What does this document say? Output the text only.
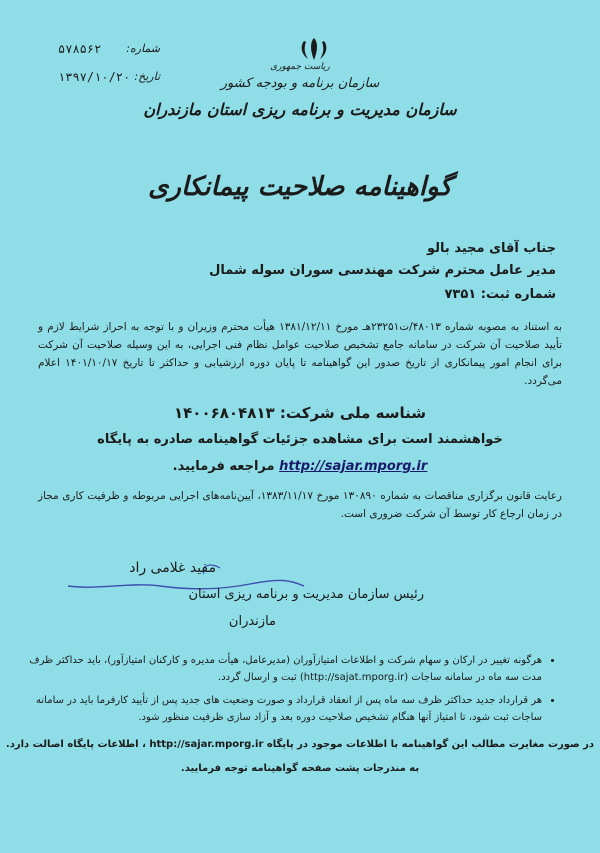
شماره:
۵۷۸۵۶۲
تاریخ:
۱۳۹۷/۱۰/۲۰
ریاست جمهوری
سازمان برنامه و بودجه کشور
سازمان مدیریت و برنامه ریزی استان مازندران
گواهینامه صلاحیت پیمانکاری
جناب آقای مجید بالو
مدیر عامل محترم شرکت مهندسی سوران سوله شمال
شماره ثبت: ۷۳۵۱
به استناد به مصوبه شماره ۴۸۰۱۳/ت۲۳۲۵۱هـ مورخ ۱۳۸۱/۱۲/۱۱ هیأت محترم وزیران و با توجه به احراز شرایط لازم و تأیید صلاحیت آن شرکت در سامانه جامع تشخیص صلاحیت عوامل نظام فنی اجرایی، به این وسیله صلاحیت آن شرکت برای انجام امور پیمانکاری از تاریخ صدور این گواهینامه تا پایان دوره ارزشیابی و حداکثر تا تاریخ ۱۴۰۱/۱۰/۱۷ اعلام می‌گردد.
شناسه ملی شرکت: ۱۴۰۰۶۸۰۴۸۱۳
خواهشمند است برای مشاهده جزئیات گواهینامه صادره به پایگاه
http://sajar.mporg.ir مراجعه فرمایید.
رعایت قانون برگزاری مناقصات به شماره ۱۳۰۸۹۰ مورخ ۱۳۸۳/۱۱/۱۷، آیین‌نامه‌های اجرایی مربوطه و ظرفیت کاری مجاز در زمان ارجاع کار توسط آن شرکت ضروری است.
مفید غلامی راد
رئیس سازمان مدیریت و برنامه ریزی استان
مازندران
• هرگونه تغییر در ارکان و سهام شرکت و اطلاعات امتیازآوران (مدیرعامل، هیأت مدیره و کارکنان امتیازآور)، باید حداکثر ظرف مدت سه ماه در سامانه ساجات (http://sajat.mporg.ir) ثبت و ارسال گردد.
• هر قرارداد جدید حداکثر ظرف سه ماه پس از انعقاد قرارداد و صورت وضعیت های جدید پس از تأیید کارفرما باید در سامانه ساجات ثبت شود، تا امتیاز آنها هنگام تشخیص صلاحیت دوره بعد و آزاد سازی ظرفیت منظور شود.
در صورت مغایرت مطالب این گواهینامه با اطلاعات موجود در پایگاه http://sajar.mporg.ir ، اطلاعات پایگاه اصالت دارد.
به مندرجات پشت صفحه گواهینامه توجه فرمایید.
